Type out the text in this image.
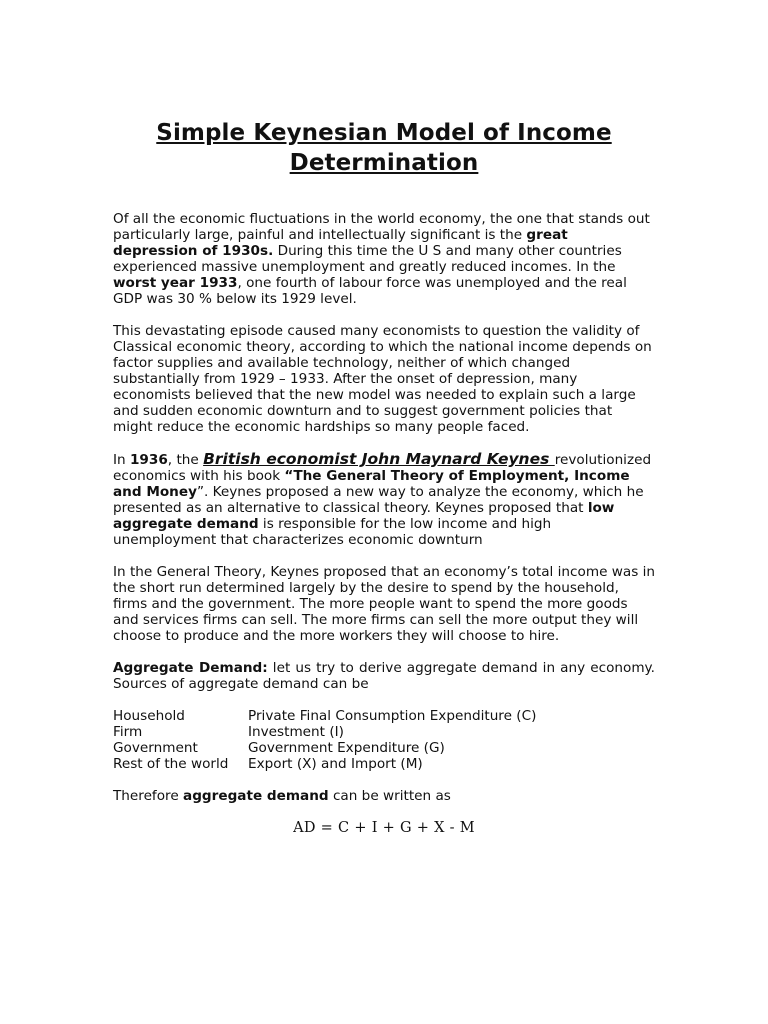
Simple Keynesian Model of Income Determination

Of all the economic fluctuations in the world economy, the one that stands out particularly large, painful and intellectually significant is the great depression of 1930s. During this time the U S and many other countries experienced massive unemployment and greatly reduced incomes. In the worst year 1933, one fourth of labour force was unemployed and the real GDP was 30 % below its 1929 level.

This devastating episode caused many economists to question the validity of Classical economic theory, according to which the national income depends on factor supplies and available technology, neither of which changed substantially from 1929 – 1933. After the onset of depression, many economists believed that the new model was needed to explain such a large and sudden economic downturn and to suggest government policies that might reduce the economic hardships so many people faced.

In 1936, the British economist John Maynard Keynes revolutionized economics with his book “The General Theory of Employment, Income and Money”. Keynes proposed a new way to analyze the economy, which he presented as an alternative to classical theory. Keynes proposed that low aggregate demand is responsible for the low income and high unemployment that characterizes economic downturn

In the General Theory, Keynes proposed that an economy’s total income was in the short run determined largely by the desire to spend by the household, firms and the government. The more people want to spend the more goods and services firms can sell. The more firms can sell the more output they will choose to produce and the more workers they will choose to hire.

Aggregate Demand: let us try to derive aggregate demand in any economy. Sources of aggregate demand can be

Household	Private Final Consumption Expenditure (C)
Firm	Investment (I)
Government	Government Expenditure (G)
Rest of the world	Export (X) and Import (M)

Therefore aggregate demand can be written as

AD = C + I + G + X - M
